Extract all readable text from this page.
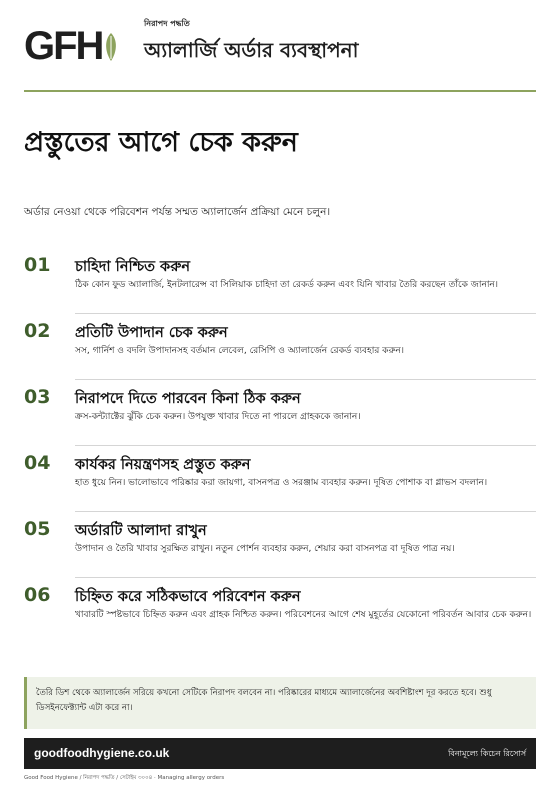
GFH
নিরাপদ পদ্ধতি
অ্যালার্জি অর্ডার ব্যবস্থাপনা
প্রস্তুতের আগে চেক করুন

অর্ডার নেওয়া থেকে পরিবেশন পর্যন্ত সম্মত অ্যালার্জেন প্রক্রিয়া মেনে চলুন।

01 চাহিদা নিশ্চিত করুন
ঠিক কোন ফুড অ্যালার্জি, ইনটলারেন্স বা সিলিয়াক চাহিদা তা রেকর্ড করুন এবং যিনি খাবার তৈরি করছেন তাঁকে জানান।
02 প্রতিটি উপাদান চেক করুন
সস, গার্নিশ ও বদলি উপাদানসহ বর্তমান লেবেল, রেসিপি ও অ্যালার্জেন রেকর্ড ব্যবহার করুন।
03 নিরাপদে দিতে পারবেন কিনা ঠিক করুন
ক্রস-কন্ট্যাক্টের ঝুঁকি চেক করুন। উপযুক্ত খাবার দিতে না পারলে গ্রাহককে জানান।
04 কার্যকর নিয়ন্ত্রণসহ প্রস্তুত করুন
হাত ধুয়ে নিন। ভালোভাবে পরিষ্কার করা জায়গা, বাসনপত্র ও সরঞ্জাম ব্যবহার করুন। দূষিত পোশাক বা গ্লাভস বদলান।
05 অর্ডারটি আলাদা রাখুন
উপাদান ও তৈরি খাবার সুরক্ষিত রাখুন। নতুন পোর্শন ব্যবহার করুন, শেয়ার করা বাসনপত্র বা দূষিত পাত্র নয়।
06 চিহ্নিত করে সঠিকভাবে পরিবেশন করুন
খাবারটি স্পষ্টভাবে চিহ্নিত করুন এবং গ্রাহক নিশ্চিত করুন। পরিবেশনের আগে শেষ মুহূর্তের যেকোনো পরিবর্তন আবার চেক করুন।
তৈরি ডিশ থেকে অ্যালার্জেন সরিয়ে কখনো সেটিকে নিরাপদ বলবেন না। পরিষ্কারের মাধ্যমে অ্যালার্জেনের অবশিষ্টাংশ দূর করতে হবে। শুধু ডিসইনফেক্ট্যান্ট এটা করে না।
goodfoodhygiene.co.uk	বিনামূল্যে কিচেন রিসোর্স
Good Food Hygiene / নিরাপদ পদ্ধতি / সেটাইম ৩০০৪ · Managing allergy orders
